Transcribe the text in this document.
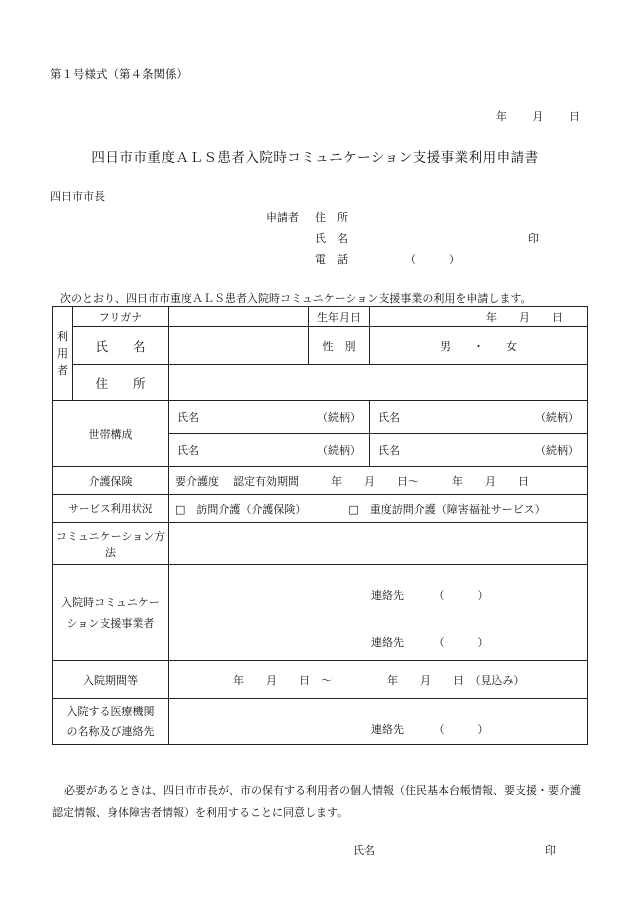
第１号様式（第４条関係）
年 月 日
四日市市重度ＡＬＳ患者入院時コミュニケーション支援事業利用申請書
四日市市長
申請者 住　所
氏　名	印
電　話	（　　　）
次のとおり、四日市市重度ＡＬＳ患者入院時コミュニケーション支援事業の利用を申請します。
利
用
者	フリガナ		生年月日	年　　月　　日
	氏　　名		性　別	男　　・　　女
	住　　所			
世帯構成		氏名 （続柄）		氏名 （続柄）

		氏名 （続柄）		氏名 （続柄）

介護保険		要介護度 認定有効期間 年　　月　　日～　　　年　　月　　日		

サービス利用状況		□　訪問介護（介護保険） □　重度訪問介護（障害福祉サービス）		

コミュニケーション方法				

入院時コミュニケー
ション支援事業者		連絡先 （　　　）		

		連絡先 （　　　）		

入院期間等		年　　月　　日　～　　　　　年　　月　　日　（見込み）		

入院する医療機関
の名称及び連絡先		連絡先 （　　　）		
必要があるときは、四日市市長が、市の保有する利用者の個人情報（住民基本台帳情報、要支援・要介護認定情報、身体障害者情報）を利用することに同意します。
氏名	印
